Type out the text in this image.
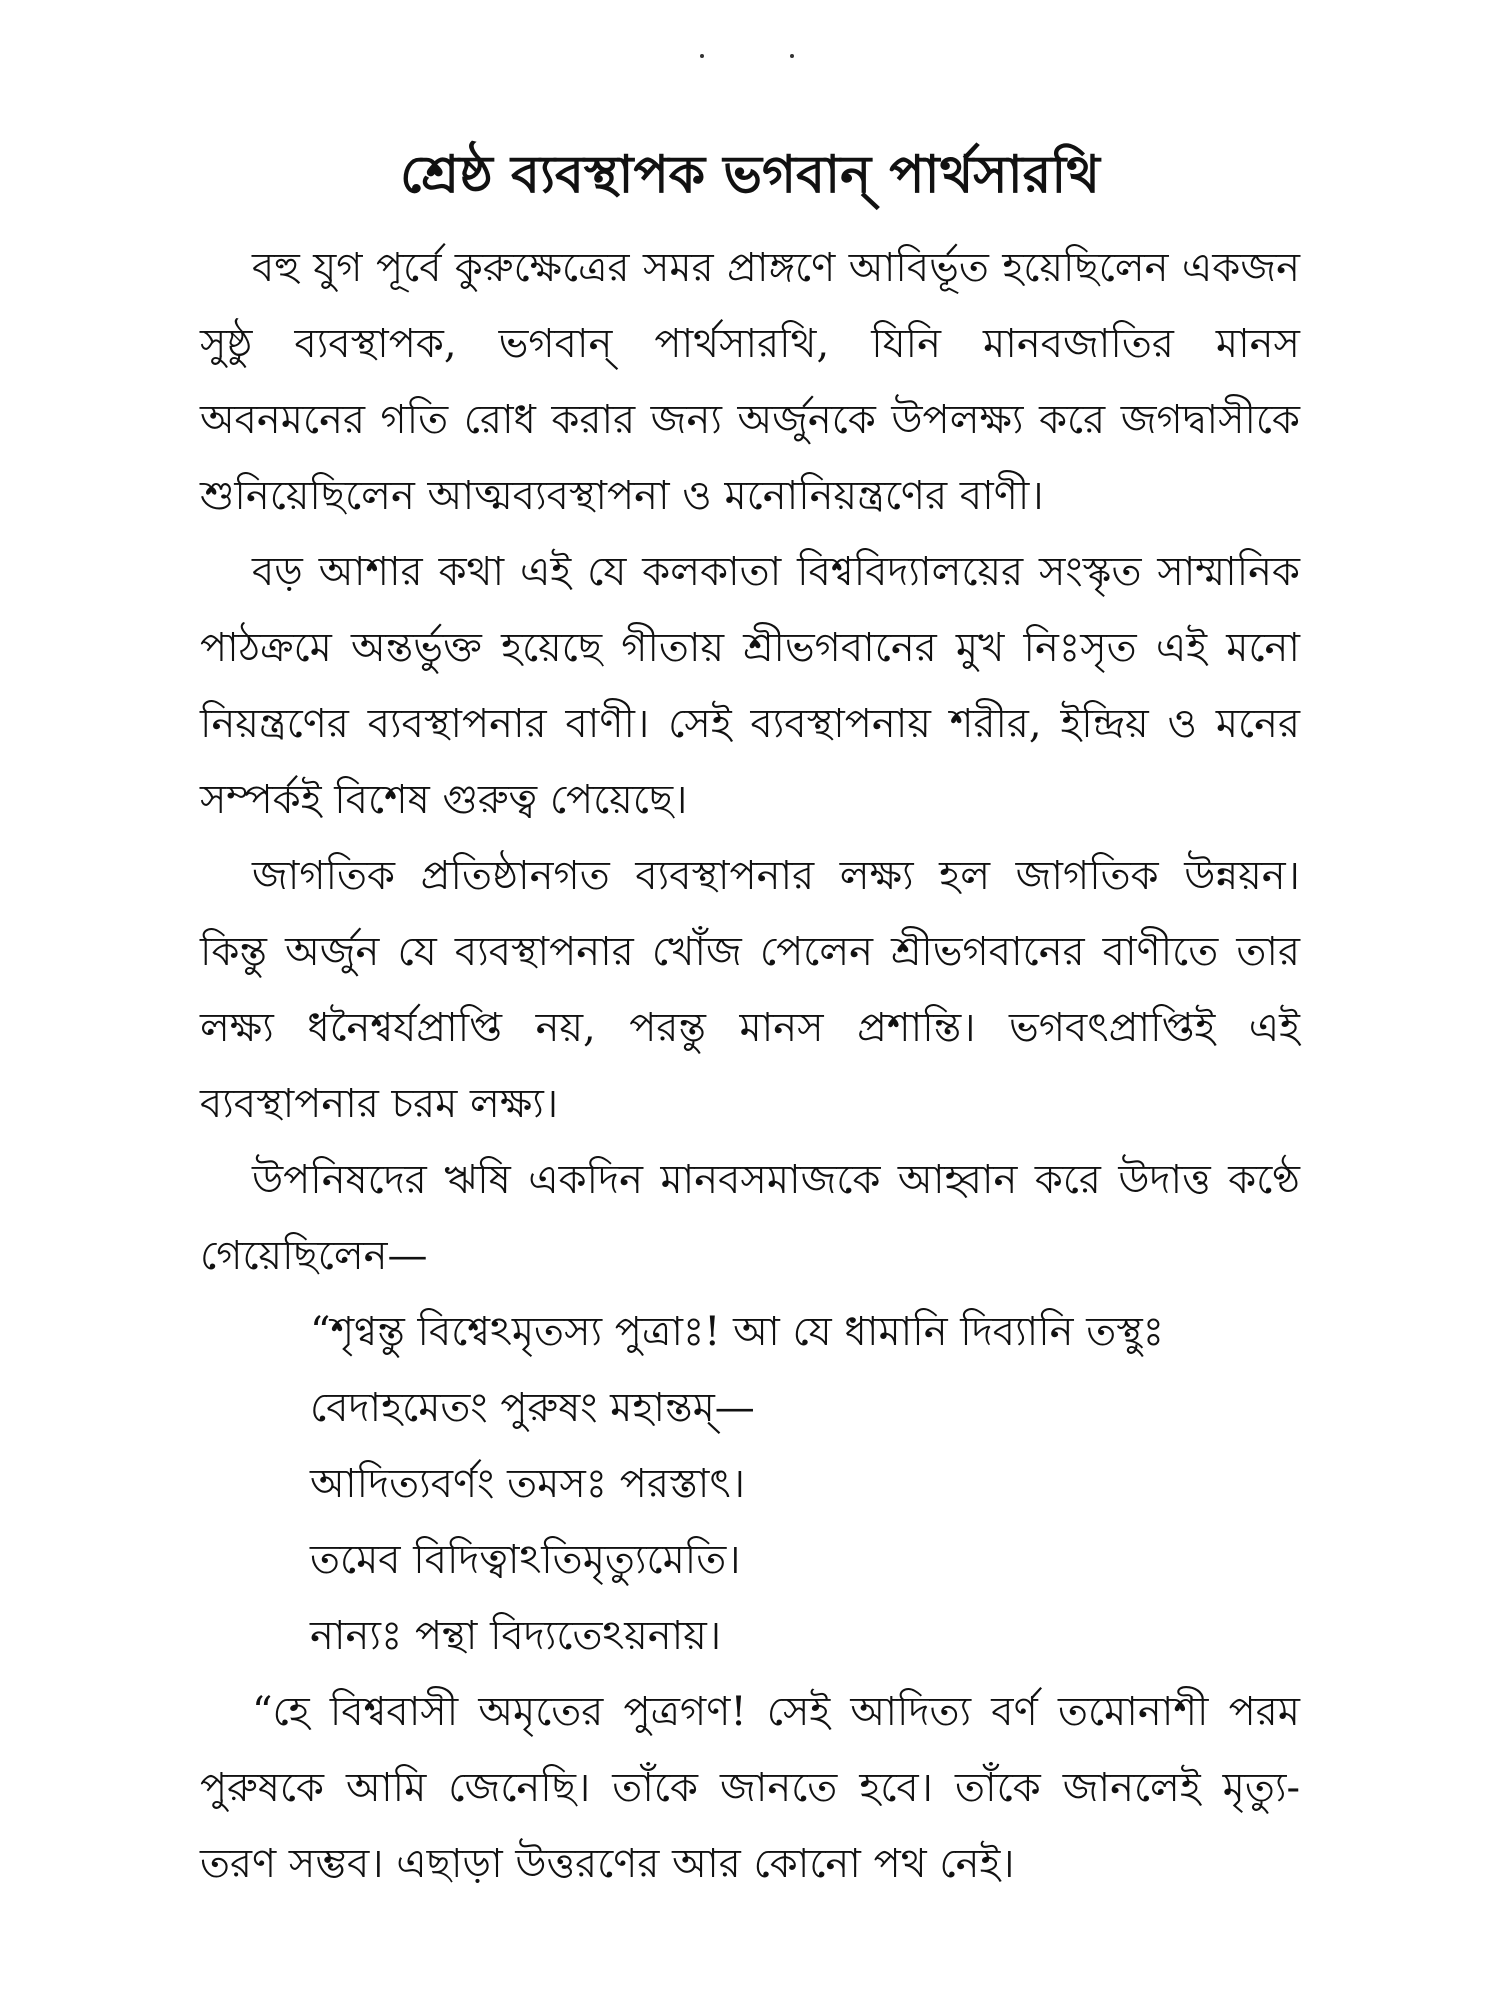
শ্রেষ্ঠ ব্যবস্থাপক ভগবান্ পার্থসারথি

বহু যুগ পূর্বে কুরুক্ষেত্রের সমর প্রাঙ্গণে আবির্ভূত হয়েছিলেন একজন সুষ্ঠু ব্যবস্থাপক, ভগবান্ পার্থসারথি, যিনি মানবজাতির মানস অবনমনের গতি রোধ করার জন্য অর্জুনকে উপলক্ষ্য করে জগদ্বাসীকে শুনিয়েছিলেন আত্মব্যবস্থাপনা ও মনোনিয়ন্ত্রণের বাণী।

বড় আশার কথা এই যে কলকাতা বিশ্ববিদ্যালয়ের সংস্কৃত সাম্মানিক পাঠক্রমে অন্তর্ভুক্ত হয়েছে গীতায় শ্রীভগবানের মুখ নিঃসৃত এই মনো নিয়ন্ত্রণের ব্যবস্থাপনার বাণী। সেই ব্যবস্থাপনায় শরীর, ইন্দ্রিয় ও মনের সম্পর্কই বিশেষ গুরুত্ব পেয়েছে।

জাগতিক প্রতিষ্ঠানগত ব্যবস্থাপনার লক্ষ্য হল জাগতিক উন্নয়ন। কিন্তু অর্জুন যে ব্যবস্থাপনার খোঁজ পেলেন শ্রীভগবানের বাণীতে তার লক্ষ্য ধনৈশ্বর্যপ্রাপ্তি নয়, পরন্তু মানস প্রশান্তি। ভগবৎপ্রাপ্তিই এই ব্যবস্থাপনার চরম লক্ষ্য।

উপনিষদের ঋষি একদিন মানবসমাজকে আহ্বান করে উদাত্ত কণ্ঠে গেয়েছিলেন—

“শৃণ্বন্তু বিশ্বেঽমৃতস্য পুত্রাঃ! আ যে ধামানি দিব্যানি তস্থুঃ
বেদাহমেতং পুরুষং মহান্তম্—
আদিত্যবর্ণং তমসঃ পরস্তাৎ।
তমেব বিদিত্বাঽতিমৃত্যুমেতি।
নান্যঃ পন্থা বিদ্যতেঽয়নায়।

“হে বিশ্ববাসী অমৃতের পুত্রগণ! সেই আদিত্য বর্ণ তমোনাশী পরম পুরুষকে আমি জেনেছি। তাঁকে জানতে হবে। তাঁকে জানলেই মৃত্যু-তরণ সম্ভব। এছাড়া উত্তরণের আর কোনো পথ নেই।
